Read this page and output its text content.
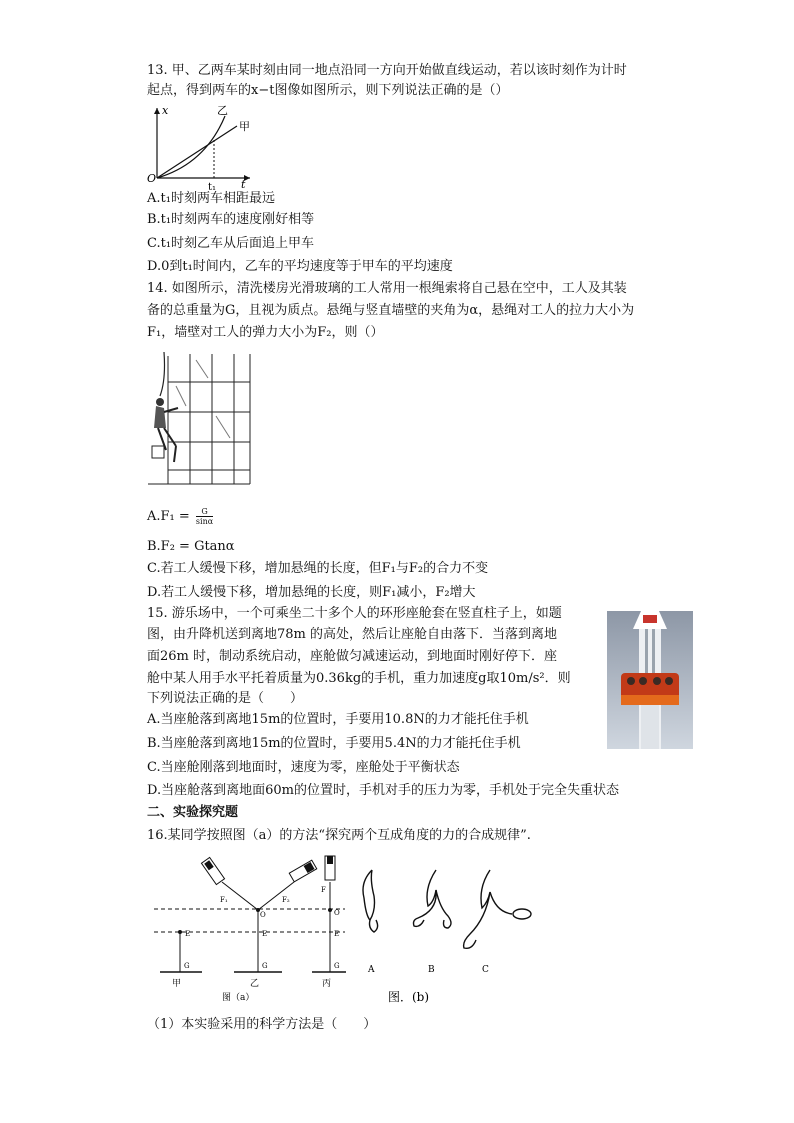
13. 甲、乙两车某时刻由同一地点沿同一方向开始做直线运动，若以该时刻作为计时
起点，得到两车的x−t图像如图所示，则下列说法正确的是（）
x
O
t₁ t
乙
甲
A.t₁时刻两车相距最远
B.t₁时刻两车的速度刚好相等
C.t₁时刻乙车从后面追上甲车
D.0到t₁时间内，乙车的平均速度等于甲车的平均速度
14. 如图所示，清洗楼房光滑玻璃的工人常用一根绳索将自己悬在空中，工人及其装
备的总重量为G，且视为质点。悬绳与竖直墙壁的夹角为α，悬绳对工人的拉力大小为
F₁，墙壁对工人的弹力大小为F₂，则（）
$A.F_1 = \frac{G}{\sin\alpha}$
B.F₂ = Gtanα
C.若工人缓慢下移，增加悬绳的长度，但F₁与F₂的合力不变
D.若工人缓慢下移，增加悬绳的长度，则F₁减小，F₂增大
15. 游乐场中，一个可乘坐二十多个人的环形座舱套在竖直柱子上，如题
图，由升降机送到离地78m 的高处，然后让座舱自由落下．当落到离地
面26m 时，制动系统启动，座舱做匀减速运动，到地面时刚好停下．座
舱中某人用手水平托着质量为0.36kg的手机，重力加速度g取10m/s²．则
下列说法正确的是（　　）
A.当座舱落到离地15m的位置时，手要用10.8N的力才能托住手机
B.当座舱落到离地15m的位置时，手要用5.4N的力才能托住手机
C.当座舱刚落到地面时，速度为零，座舱处于平衡状态
D.当座舱落到离地面60m的位置时，手机对手的压力为零，手机处于完全失重状态
二、实验探究题
16.某同学按照图（a）的方法“探究两个互成角度的力的合成规律”.
F₁	F₂
F
O	O
E	E	E
G	G	G
甲	乙	丙
图（a）
A	B	C
图．(b)
（1）本实验采用的科学方法是（　　）
